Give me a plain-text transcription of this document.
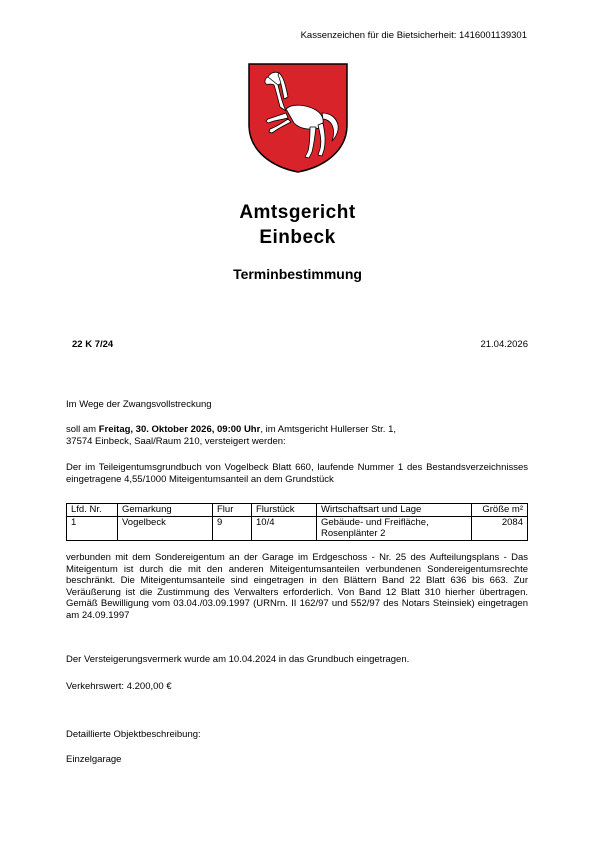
Kassenzeichen für die Bietsicherheit: 1416001139301
Amtsgericht
Einbeck
Terminbestimmung
22 K 7/24	21.04.2026
Im Wege der Zwangsvollstreckung
soll am Freitag, 30. Oktober 2026, 09:00 Uhr, im Amtsgericht Hullerser Str. 1,
37574 Einbeck, Saal/Raum 210, versteigert werden:
Der im Teileigentumsgrundbuch von Vogelbeck Blatt 660, laufende Nummer 1 des Bestandsverzeichnisses eingetragene 4,55/1000 Miteigentumsanteil an dem Grundstück
Lfd. Nr.	Gemarkung	Flur	Flurstück	Wirtschaftsart und Lage	Größe m²
1	Vogelbeck	9	10/4	Gebäude- und Freifläche, Rosenplänter 2	2084
verbunden mit dem Sondereigentum an der Garage im Erdgeschoss - Nr. 25 des Aufteilungsplans - Das Miteigentum ist durch die mit den anderen Miteigentumsanteilen verbundenen Sondereigentumsrechte beschränkt. Die Miteigentumsanteile sind eingetragen in den Blättern Band 22 Blatt 636 bis 663. Zur Veräußerung ist die Zustimmung des Verwalters erforderlich. Von Band 12 Blatt 310 hierher übertragen. Gemäß Bewilligung vom 03.04./03.09.1997 (URNrn. II 162/97 und 552/97 des Notars Steinsiek) eingetragen am 24.09.1997
Der Versteigerungsvermerk wurde am 10.04.2024 in das Grundbuch eingetragen.
Verkehrswert: 4.200,00 €
Detaillierte Objektbeschreibung:
Einzelgarage
